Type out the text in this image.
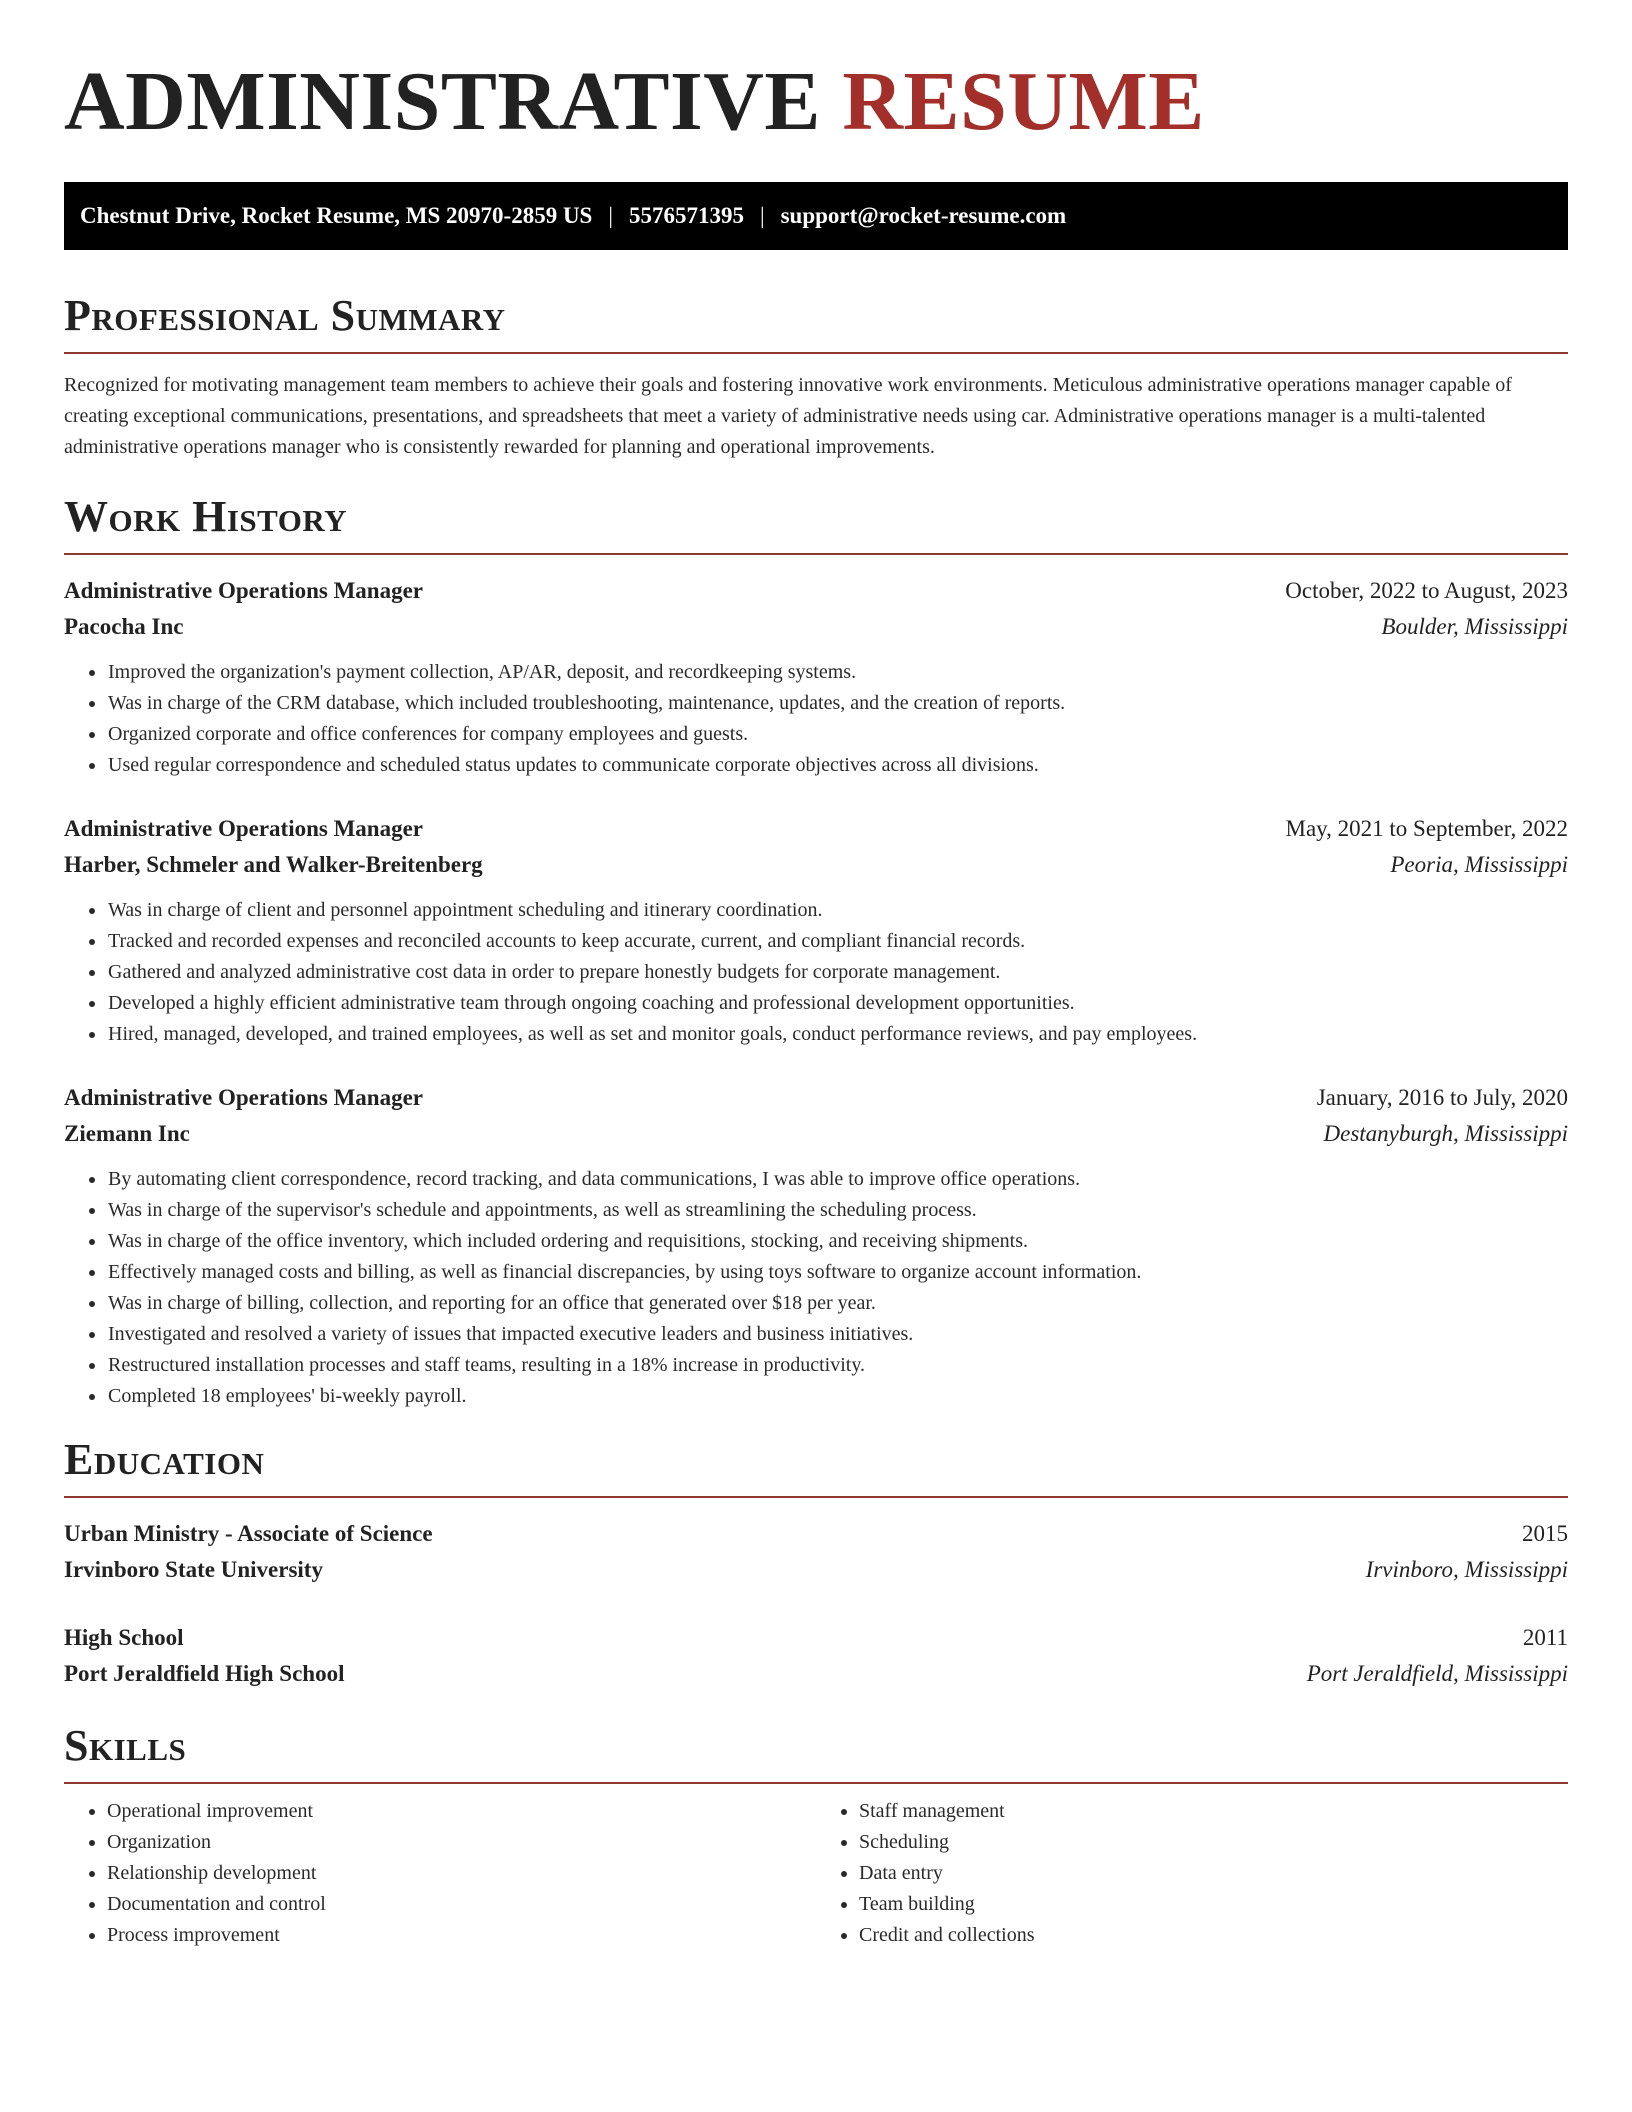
ADMINISTRATIVE RESUME
Chestnut Drive, Rocket Resume, MS 20970-2859 US | 5576571395 | support@rocket-resume.com
Professional Summary

Recognized for motivating management team members to achieve their goals and fostering innovative work environments. Meticulous administrative operations manager capable of creating exceptional communications, presentations, and spreadsheets that meet a variety of administrative needs using car. Administrative operations manager is a multi-talented administrative operations manager who is consistently rewarded for planning and operational improvements.

Work History
Administrative Operations Manager	October, 2022 to August, 2023
Pacocha Inc	Boulder, Mississippi
• Improved the organization's payment collection, AP/AR, deposit, and recordkeeping systems.
• Was in charge of the CRM database, which included troubleshooting, maintenance, updates, and the creation of reports.
• Organized corporate and office conferences for company employees and guests.
• Used regular correspondence and scheduled status updates to communicate corporate objectives across all divisions.
Administrative Operations Manager	May, 2021 to September, 2022
Harber, Schmeler and Walker-Breitenberg	Peoria, Mississippi
• Was in charge of client and personnel appointment scheduling and itinerary coordination.
• Tracked and recorded expenses and reconciled accounts to keep accurate, current, and compliant financial records.
• Gathered and analyzed administrative cost data in order to prepare honestly budgets for corporate management.
• Developed a highly efficient administrative team through ongoing coaching and professional development opportunities.
• Hired, managed, developed, and trained employees, as well as set and monitor goals, conduct performance reviews, and pay employees.
Administrative Operations Manager	January, 2016 to July, 2020
Ziemann Inc	Destanyburgh, Mississippi
• By automating client correspondence, record tracking, and data communications, I was able to improve office operations.
• Was in charge of the supervisor's schedule and appointments, as well as streamlining the scheduling process.
• Was in charge of the office inventory, which included ordering and requisitions, stocking, and receiving shipments.
• Effectively managed costs and billing, as well as financial discrepancies, by using toys software to organize account information.
• Was in charge of billing, collection, and reporting for an office that generated over $18 per year.
• Investigated and resolved a variety of issues that impacted executive leaders and business initiatives.
• Restructured installation processes and staff teams, resulting in a 18% increase in productivity.
• Completed 18 employees' bi-weekly payroll.
Education
Urban Ministry - Associate of Science	2015
Irvinboro State University	Irvinboro, Mississippi
High School	2011
Port Jeraldfield High School	Port Jeraldfield, Mississippi
Skills
• Operational improvement
• Organization
• Relationship development
• Documentation and control
• Process improvement
• Staff management
• Scheduling
• Data entry
• Team building
• Credit and collections
